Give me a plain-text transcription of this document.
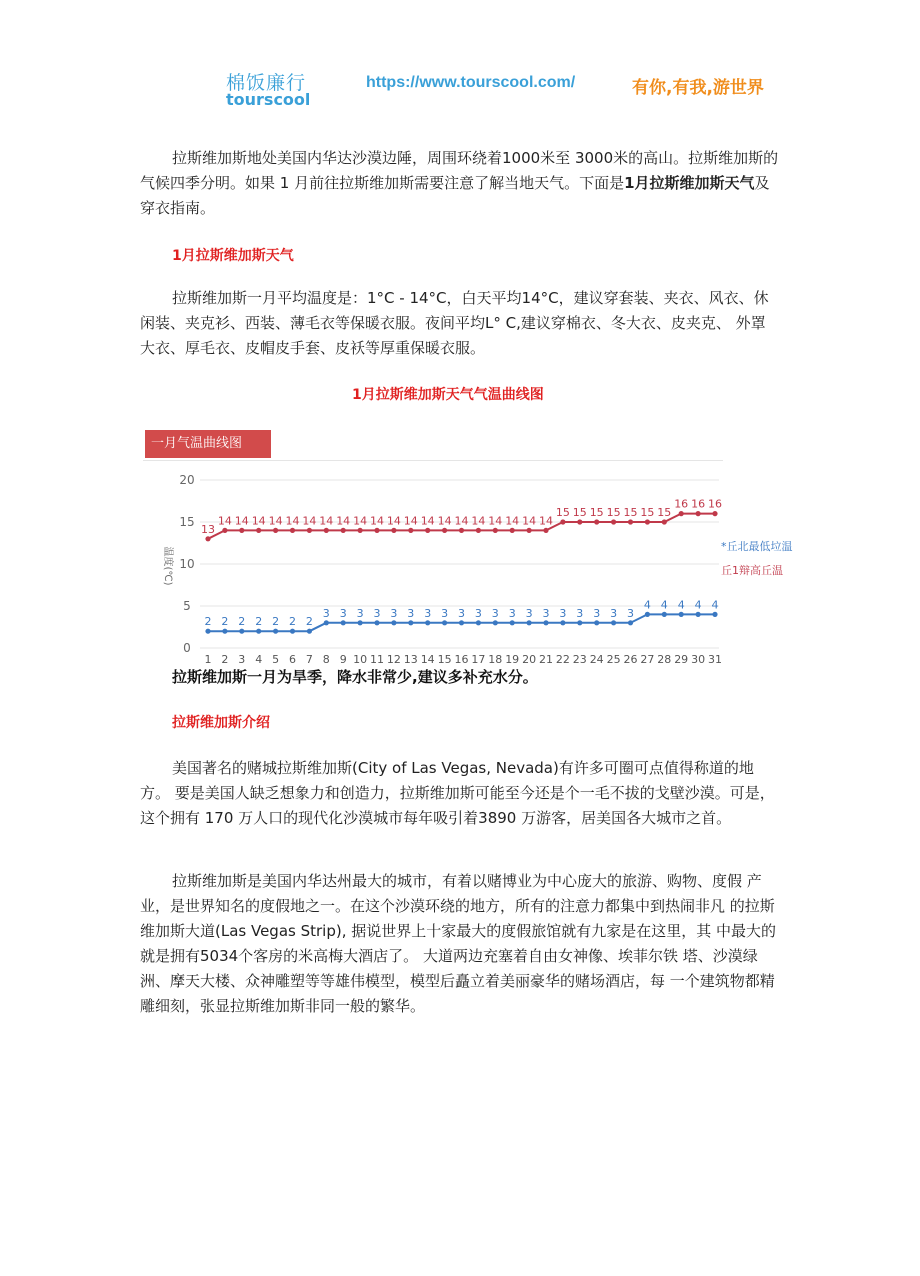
棉饭廉行
tourscool
https://www.tourscool.com/	有你,有我,游世界

拉斯维加斯地处美国内华达沙漠边陲，周围环绕着1000米至 3000米的高山。拉斯维加斯的气候四季分明。如果 1 月前往拉斯维加斯需要注意了解当地天气。下面是1月拉斯维加斯天气及穿衣指南。

1月拉斯维加斯天气

拉斯维加斯一月平均温度是：1°C - 14°C，白天平均14°C，建议穿套装、夹衣、风衣、休闲装、夹克衫、西装、薄毛衣等保暖衣服。夜间平均L° C,建议穿棉衣、冬大衣、皮夹克、 外罩大衣、厚毛衣、皮帽皮手套、皮袄等厚重保暖衣服。

1月拉斯维加斯天气气温曲线图
一月气温曲线图
0
5
10
15
20
温度(℃)
1 2 3 4 5 6 7 8 9 10 11 12 13 14 15 16 17 18 19 20 21 22 23 24 25 26 27 28 29 30 31
13
14 14 14 14 14 14 14 14 14 14 14 14 14 14 14 14 14 14 14 14
15 15 15 15 15 15 15
16 16 16
2 2 2 2 2 2 2
3 3 3 3 3 3 3 3 3 3 3 3 3 3 3 3 3 3 3
4 4 4 4 4
*丘北最低垃温
丘1辩高丘温

拉斯维加斯一月为旱季，降水非常少,建议多补充水分。

拉斯维加斯介绍

美国著名的赌城拉斯维加斯(City of Las Vegas, Nevada)有许多可圈可点值得称道的地方。 要是美国人缺乏想象力和创造力，拉斯维加斯可能至今还是个一毛不拔的戈壁沙漠。可是， 这个拥有 170 万人口的现代化沙漠城市每年吸引着3890 万游客，居美国各大城市之首。

拉斯维加斯是美国内华达州最大的城市，有着以赌博业为中心庞大的旅游、购物、度假 产业，是世界知名的度假地之一。在这个沙漠环绕的地方，所有的注意力都集中到热闹非凡 的拉斯维加斯大道(Las Vegas Strip), 据说世界上十家最大的度假旅馆就有九家是在这里，其 中最大的就是拥有5034个客房的米高梅大酒店了。 大道两边充塞着自由女神像、埃菲尔铁 塔、沙漠绿洲、摩天大楼、众神雕塑等等雄伟模型，模型后矗立着美丽豪华的赌场酒店，每 一个建筑物都精雕细刻，张显拉斯维加斯非同一般的繁华。
